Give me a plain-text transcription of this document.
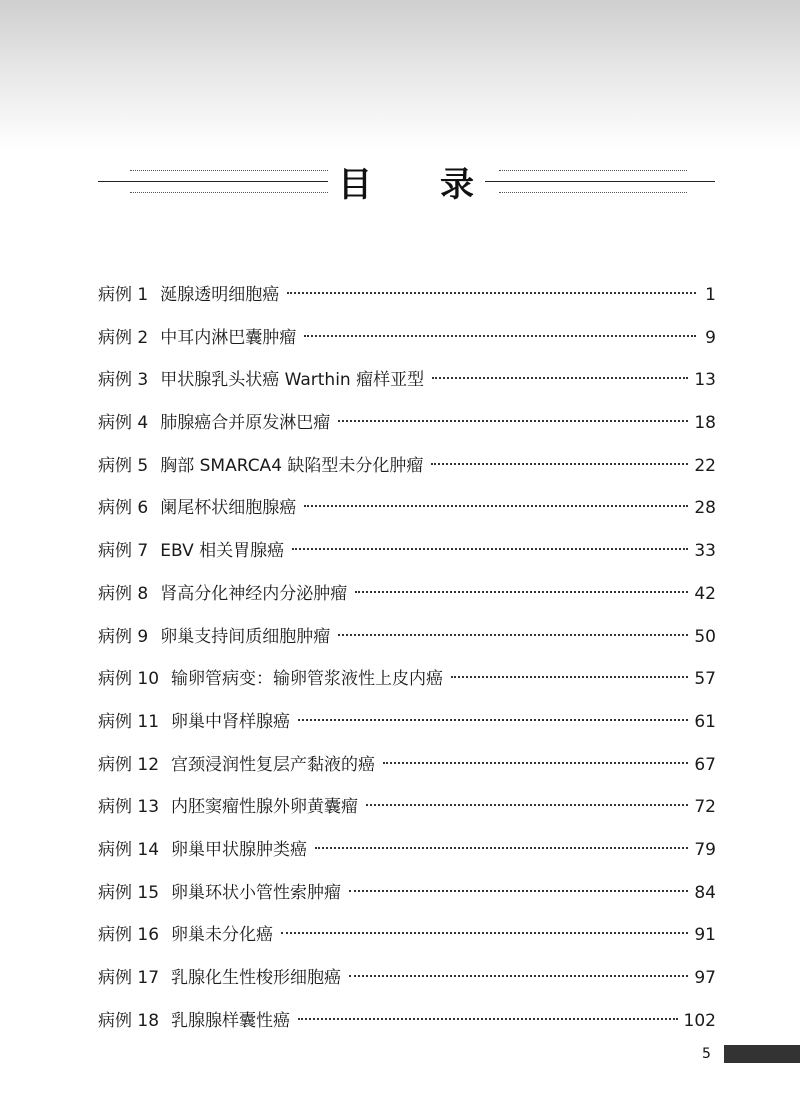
目 录
病例 1 涎腺透明细胞癌	1
病例 2 中耳内淋巴囊肿瘤	9
病例 3 甲状腺乳头状癌 Warthin 瘤样亚型	13
病例 4 肺腺癌合并原发淋巴瘤	18
病例 5 胸部 SMARCA4 缺陷型未分化肿瘤	22
病例 6 阑尾杯状细胞腺癌	28
病例 7 EBV 相关胃腺癌	33
病例 8 肾高分化神经内分泌肿瘤	42
病例 9 卵巢支持间质细胞肿瘤	50
病例 10 输卵管病变：输卵管浆液性上皮内癌	57
病例 11 卵巢中肾样腺癌	61
病例 12 宫颈浸润性复层产黏液的癌	67
病例 13 内胚窦瘤性腺外卵黄囊瘤	72
病例 14 卵巢甲状腺肿类癌	79
病例 15 卵巢环状小管性索肿瘤	84
病例 16 卵巢未分化癌	91
病例 17 乳腺化生性梭形细胞癌	97
病例 18 乳腺腺样囊性癌	102
5
